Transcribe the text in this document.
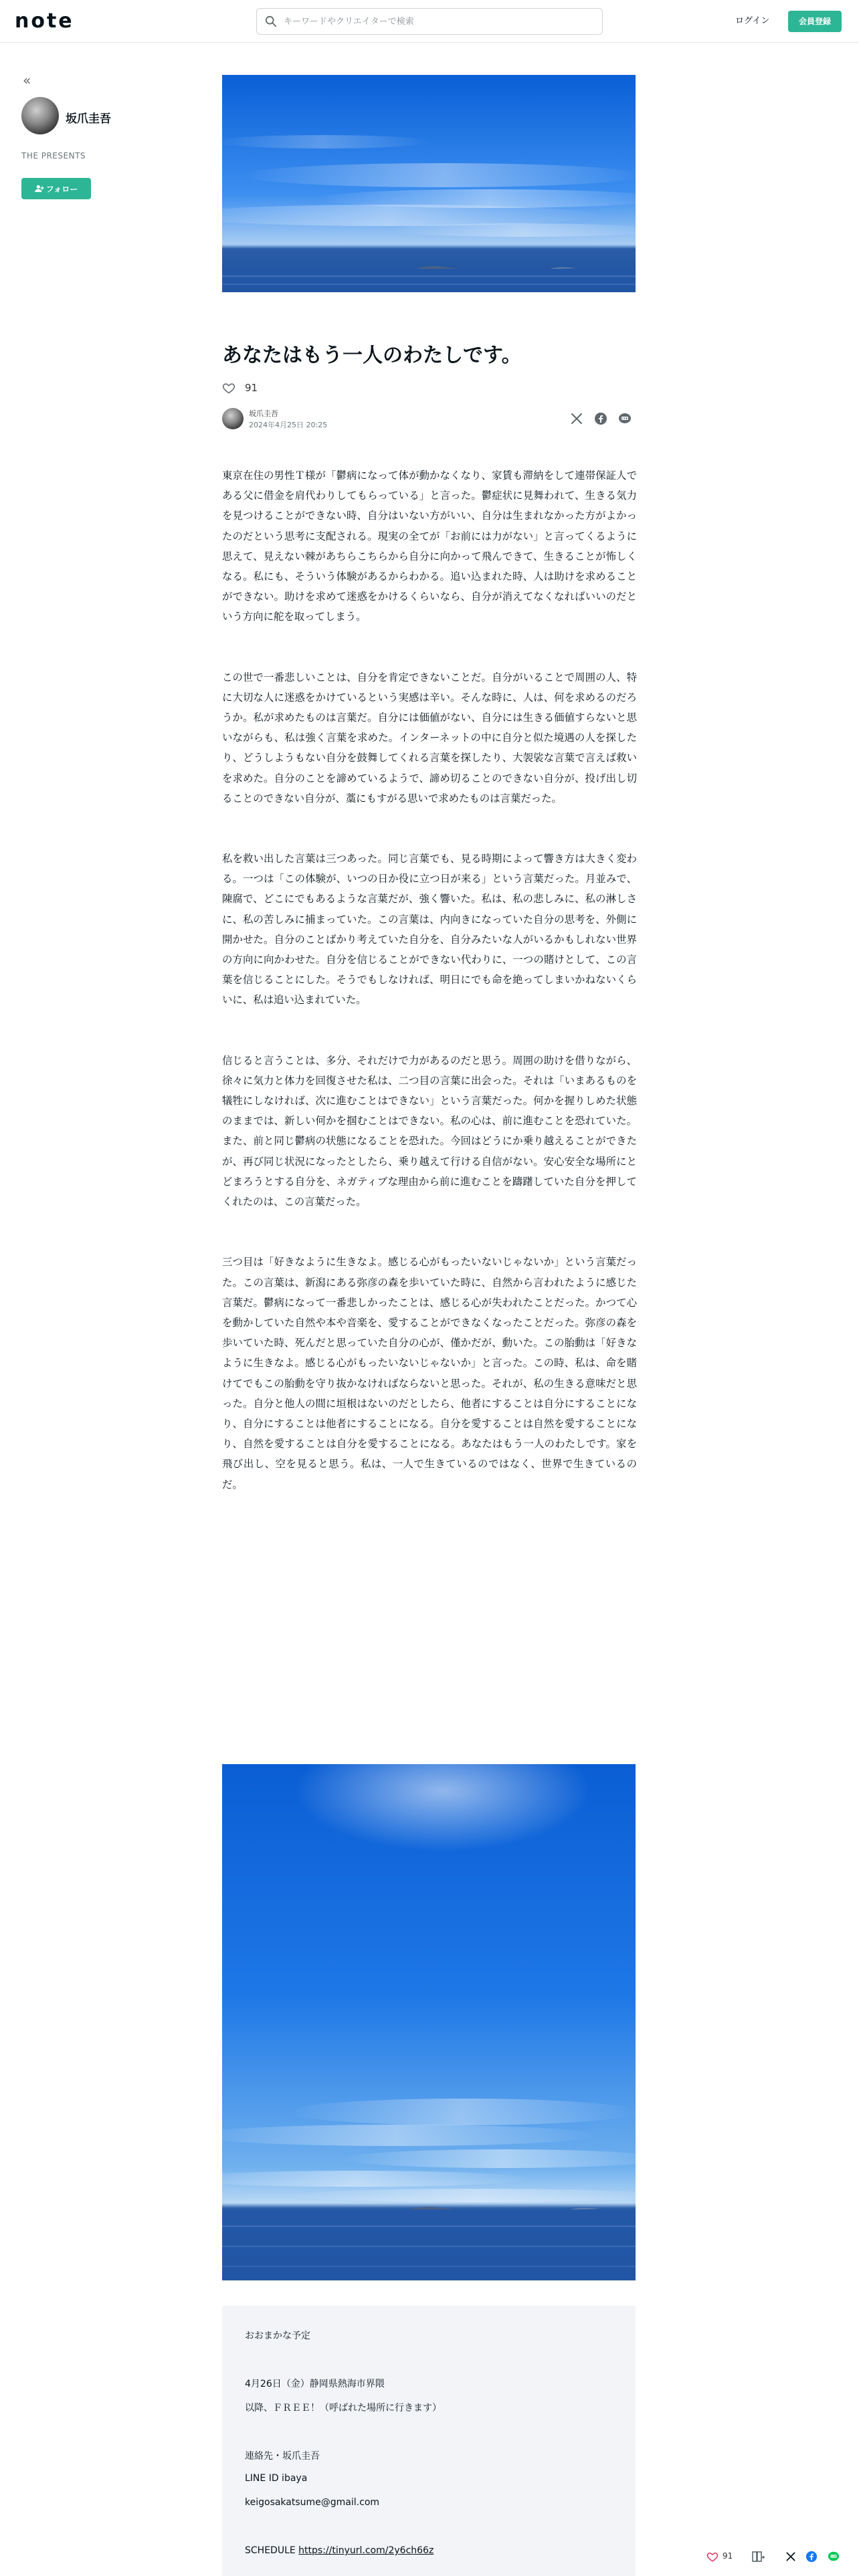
note
キーワードやクリエイターで検索	ログイン	会員登録
«
坂爪圭吾
THE PRESENTS
フォロー
あなたはもう一人のわたしです。
91
坂爪圭吾
2024年4月25日 20:25

東京在住の男性Ｔ様が「鬱病になって体が動かなくなり、家賃も滞納をして連帯保証人である父に借金を肩代わりしてもらっている」と言った。鬱症状に見舞われて、生きる気力を見つけることができない時、自分はいない方がいい、自分は生まれなかった方がよかったのだという思考に支配される。現実の全てが「お前には力がない」と言ってくるように思えて、見えない棘があちらこちらから自分に向かって飛んできて、生きることが怖しくなる。私にも、そういう体験があるからわかる。追い込まれた時、人は助けを求めることができない。助けを求めて迷惑をかけるくらいなら、自分が消えてなくなればいいのだという方向に舵を取ってしまう。

この世で一番悲しいことは、自分を肯定できないことだ。自分がいることで周囲の人、特に大切な人に迷惑をかけているという実感は辛い。そんな時に、人は、何を求めるのだろうか。私が求めたものは言葉だ。自分には価値がない、自分には生きる価値すらないと思いながらも、私は強く言葉を求めた。インターネットの中に自分と似た境遇の人を探したり、どうしようもない自分を鼓舞してくれる言葉を探したり、大袈裟な言葉で言えば救いを求めた。自分のことを諦めているようで、諦め切ることのできない自分が、投げ出し切ることのできない自分が、藁にもすがる思いで求めたものは言葉だった。

私を救い出した言葉は三つあった。同じ言葉でも、見る時期によって響き方は大きく変わる。一つは「この体験が、いつの日か役に立つ日が来る」という言葉だった。月並みで、陳腐で、どこにでもあるような言葉だが、強く響いた。私は、私の悲しみに、私の淋しさに、私の苦しみに捕まっていた。この言葉は、内向きになっていた自分の思考を、外側に開かせた。自分のことばかり考えていた自分を、自分みたいな人がいるかもしれない世界の方向に向かわせた。自分を信じることができない代わりに、一つの賭けとして、この言葉を信じることにした。そうでもしなければ、明日にでも命を絶ってしまいかねないくらいに、私は追い込まれていた。

信じると言うことは、多分、それだけで力があるのだと思う。周囲の助けを借りながら、徐々に気力と体力を回復させた私は、二つ目の言葉に出会った。それは「いまあるものを犠牲にしなければ、次に進むことはできない」という言葉だった。何かを握りしめた状態のままでは、新しい何かを掴むことはできない。私の心は、前に進むことを恐れていた。また、前と同じ鬱病の状態になることを恐れた。今回はどうにか乗り越えることができたが、再び同じ状況になったとしたら、乗り越えて行ける自信がない。安心安全な場所にとどまろうとする自分を、ネガティブな理由から前に進むことを躊躇していた自分を押してくれたのは、この言葉だった。

三つ目は「好きなように生きなよ。感じる心がもったいないじゃないか」という言葉だった。この言葉は、新潟にある弥彦の森を歩いていた時に、自然から言われたように感じた言葉だ。鬱病になって一番悲しかったことは、感じる心が失われたことだった。かつて心を動かしていた自然や本や音楽を、愛することができなくなったことだった。弥彦の森を歩いていた時、死んだと思っていた自分の心が、僅かだが、動いた。この胎動は「好きなように生きなよ。感じる心がもったいないじゃないか」と言った。この時、私は、命を賭けてでもこの胎動を守り抜かなければならないと思った。それが、私の生きる意味だと思った。自分と他人の間に垣根はないのだとしたら、他者にすることは自分にすることになり、自分にすることは他者にすることになる。自分を愛することは自然を愛することになり、自然を愛することは自分を愛することになる。あなたはもう一人のわたしです。家を飛び出し、空を見ると思う。私は、一人で生きているのではなく、世界で生きているのだ。

おおまかな予定
4月26日（金）静岡県熱海市界隈
以降、ＦＲＥＥ！（呼ばれた場所に行きます）
連絡先・坂爪圭吾
LINE ID ibaya
keigosakatsume@gmail.com
SCHEDULE https://tinyurl.com/2y6ch66z	91
